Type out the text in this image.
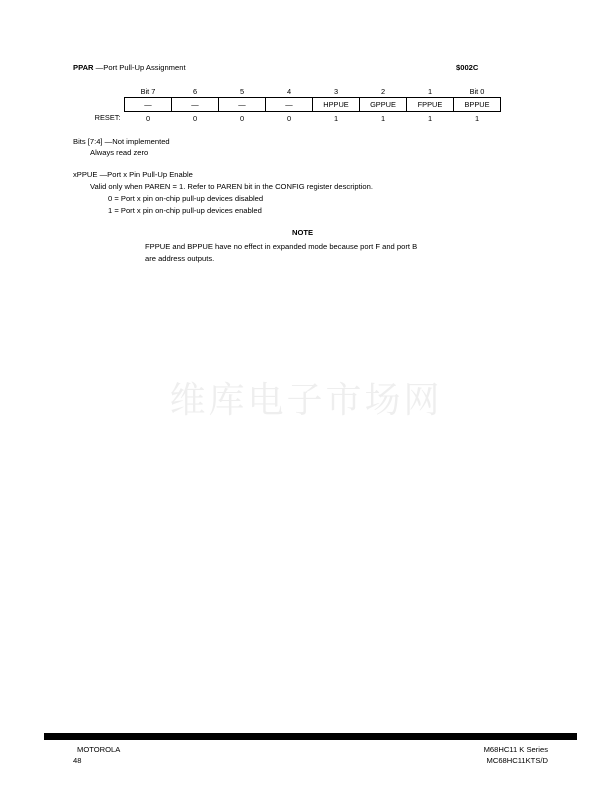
PPAR —Port Pull-Up Assignment	$002C
	Bit 7	6	5	4	3	2	1	Bit 0
	—	—	—	—	HPPUE	GPPUE	FPPUE	BPPUE
RESET:	0	0	0	0	1	1	1	1
Bits [7:4] —Not implemented
Always read zero
xPPUE —Port x Pin Pull-Up Enable
Valid only when PAREN = 1. Refer to PAREN bit in the CONFIG register description.
0 = Port x pin on-chip pull-up devices disabled
1 = Port x pin on-chip pull-up devices enabled
NOTE
FPPUE and BPPUE have no effect in expanded mode because port F and port B
are address outputs.
维库电子市场网
MOTOROLA
48
M68HC11 K Series
MC68HC11KTS/D
